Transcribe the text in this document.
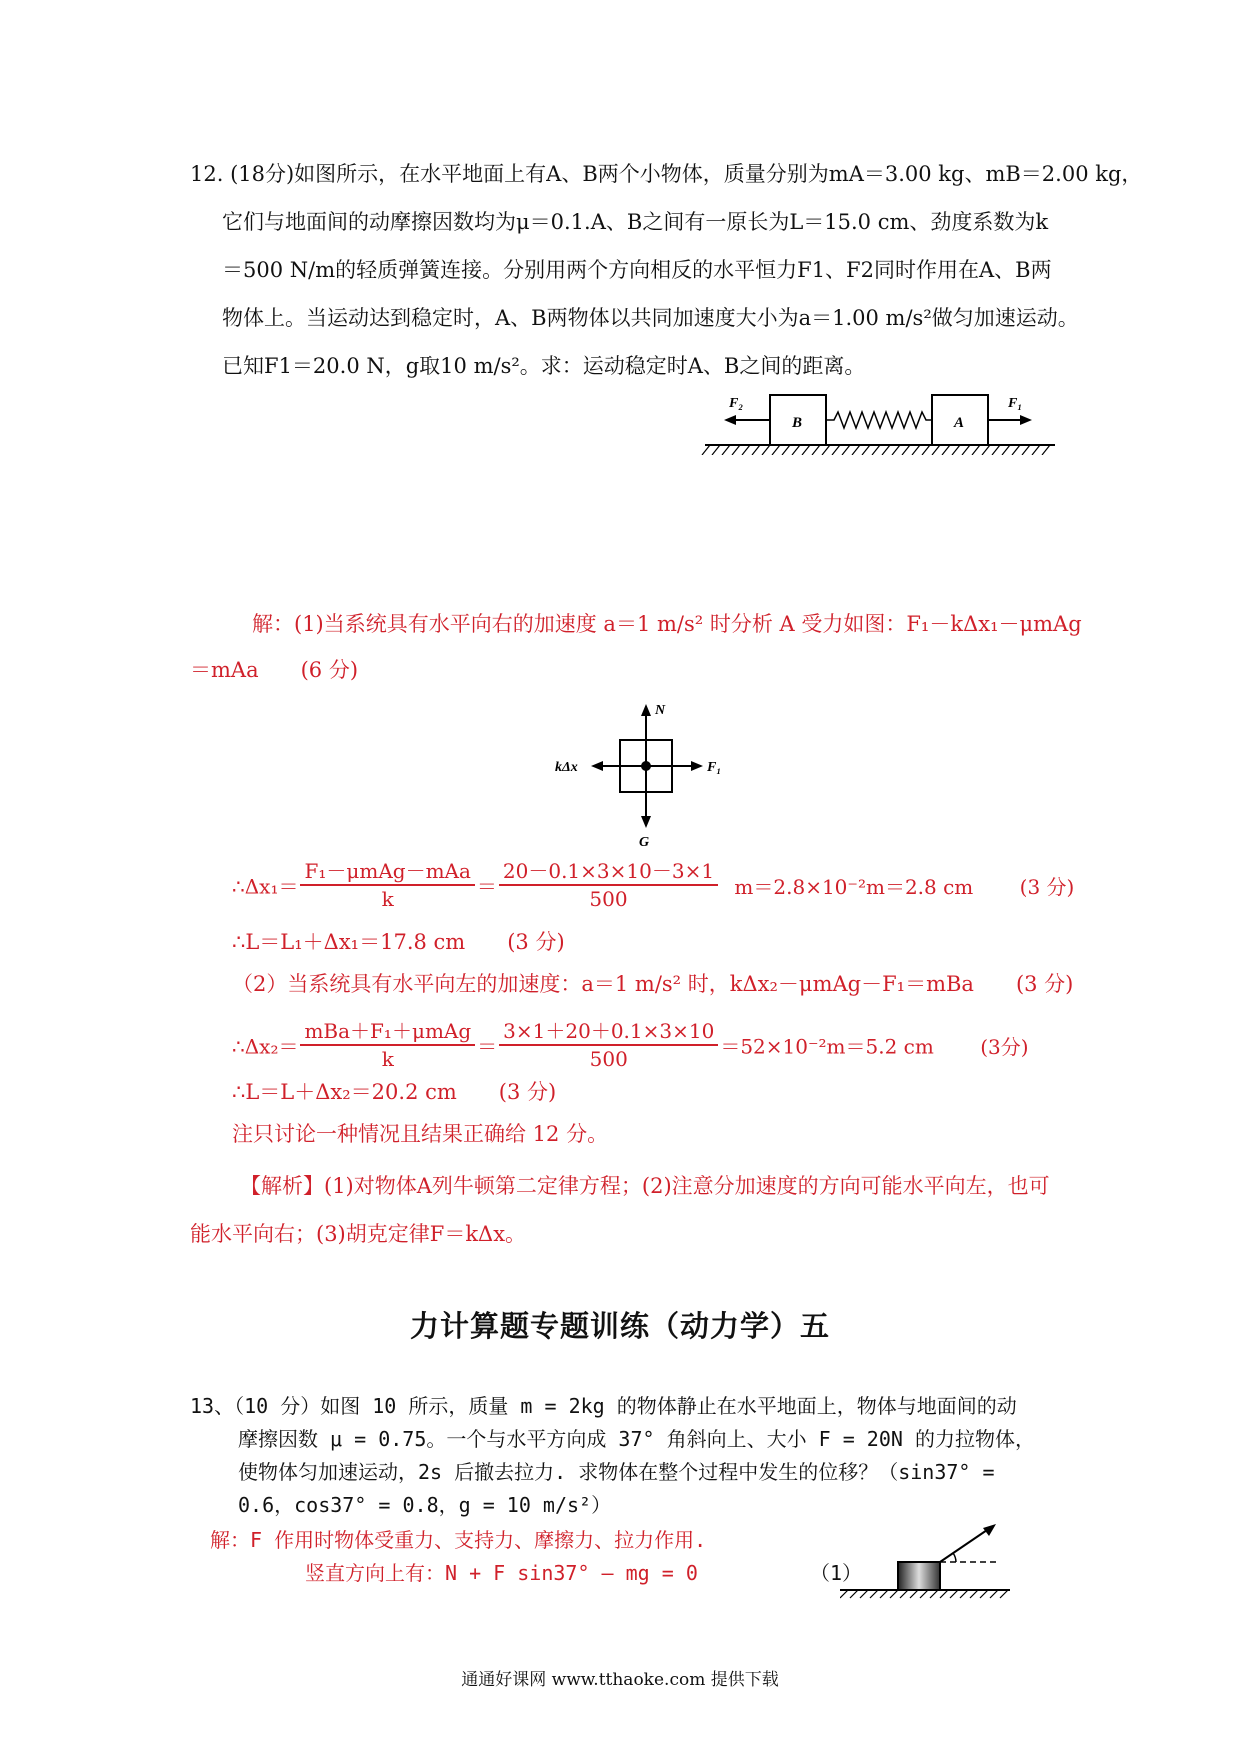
12. (18分)如图所示，在水平地面上有A、B两个小物体，质量分别为mA＝3.00 kg、mB＝2.00 kg，
它们与地面间的动摩擦因数均为μ＝0.1.A、B之间有一原长为L＝15.0 cm、劲度系数为k
＝500 N/m的轻质弹簧连接。分别用两个方向相反的水平恒力F1、F2同时作用在A、B两
物体上。当运动达到稳定时，A、B两物体以共同加速度大小为a＝1.00 m/s²做匀加速运动。
已知F1＝20.0 N，g取10 m/s²。求：运动稳定时A、B之间的距离。
F₂
B	A
F₁
解：(1)当系统具有水平向右的加速度 a＝1 m/s² 时分析 A 受力如图：F₁－kΔx₁－μmAg
＝mAa　　(6 分)
N
kΔx	F₁
G
∴Δx₁＝ $\frac{\text{F₁－μmAg－mAa}}{k} = \frac{20-0.1\times 3\times 10-3\times 1}{500} m=2.8\times 10^{-2}m=2.8$ cm (3 分)
∴L＝L₁＋Δx₁＝17.8 cm (3 分)
（2）当系统具有水平向左的加速度：a＝1 m/s² 时，kΔx₂－μmAg－F₁＝mBa (3 分)
∴Δx₂＝ $\frac{\text{mBa＋F₁＋μmAg}}{k} = \frac{3\times 1+20+0.1\times 3\times 10}{500} =52\times 10^{-2}m=5.2$ cm (3分)
∴L＝L＋Δx₂＝20.2 cm (3 分)
注只讨论一种情况且结果正确给 12 分。
【解析】(1)对物体A列牛顿第二定律方程；(2)注意分加速度的方向可能水平向左，也可
能水平向右；(3)胡克定律F＝kΔx。
力计算题专题训练（动力学）五
13、（10 分）如图 10 所示，质量 m = 2kg 的物体静止在水平地面上，物体与地面间的动
摩擦因数 μ = 0.75。一个与水平方向成 37° 角斜向上、大小 F = 20N 的力拉物体，
使物体匀加速运动，2s 后撤去拉力. 求物体在整个过程中发生的位移？（sin37° =
0.6，cos37° = 0.8，g = 10 m/s²）
解：F 作用时物体受重力、支持力、摩擦力、拉力作用.
竖直方向上有：N + F sin37° – mg = 0	（1）
通通好课网 www.tthaoke.com 提供下载
